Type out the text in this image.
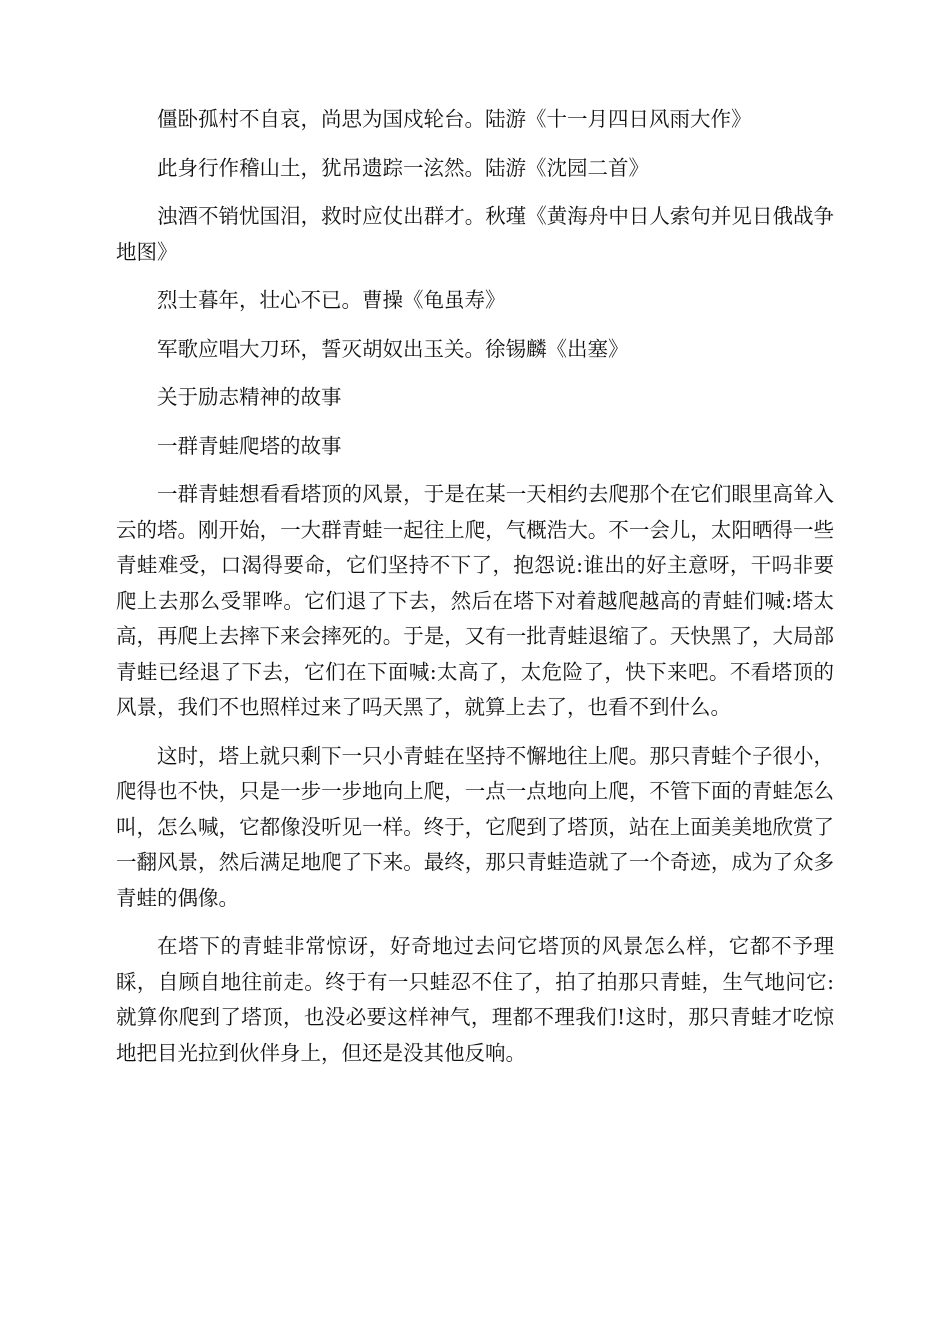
僵卧孤村不自哀，尚思为国戍轮台。陆游《十一月四日风雨大作》

此身行作稽山土，犹吊遗踪一泫然。陆游《沈园二首》

浊酒不销忧国泪，救时应仗出群才。秋瑾《黄海舟中日人索句并见日俄战争地图》

烈士暮年，壮心不已。曹操《龟虽寿》

军歌应唱大刀环，誓灭胡奴出玉关。徐锡麟《出塞》

关于励志精神的故事

一群青蛙爬塔的故事

一群青蛙想看看塔顶的风景，于是在某一天相约去爬那个在它们眼里高耸入云的塔。刚开始，一大群青蛙一起往上爬，气概浩大。不一会儿，太阳晒得一些青蛙难受，口渴得要命，它们坚持不下了，抱怨说:谁出的好主意呀，干吗非要爬上去那么受罪哗。它们退了下去，然后在塔下对着越爬越高的青蛙们喊:塔太高，再爬上去摔下来会摔死的。于是，又有一批青蛙退缩了。天快黑了，大局部青蛙已经退了下去，它们在下面喊:太高了，太危险了，快下来吧。不看塔顶的风景，我们不也照样过来了吗天黑了，就算上去了，也看不到什么。

这时，塔上就只剩下一只小青蛙在坚持不懈地往上爬。那只青蛙个子很小，爬得也不快，只是一步一步地向上爬，一点一点地向上爬，不管下面的青蛙怎么叫，怎么喊，它都像没听见一样。终于，它爬到了塔顶，站在上面美美地欣赏了一翻风景，然后满足地爬了下来。最终，那只青蛙造就了一个奇迹，成为了众多青蛙的偶像。

在塔下的青蛙非常惊讶，好奇地过去问它塔顶的风景怎么样，它都不予理睬，自顾自地往前走。终于有一只蛙忍不住了，拍了拍那只青蛙，生气地问它:就算你爬到了塔顶，也没必要这样神气，理都不理我们!这时，那只青蛙才吃惊地把目光拉到伙伴身上，但还是没其他反响。
